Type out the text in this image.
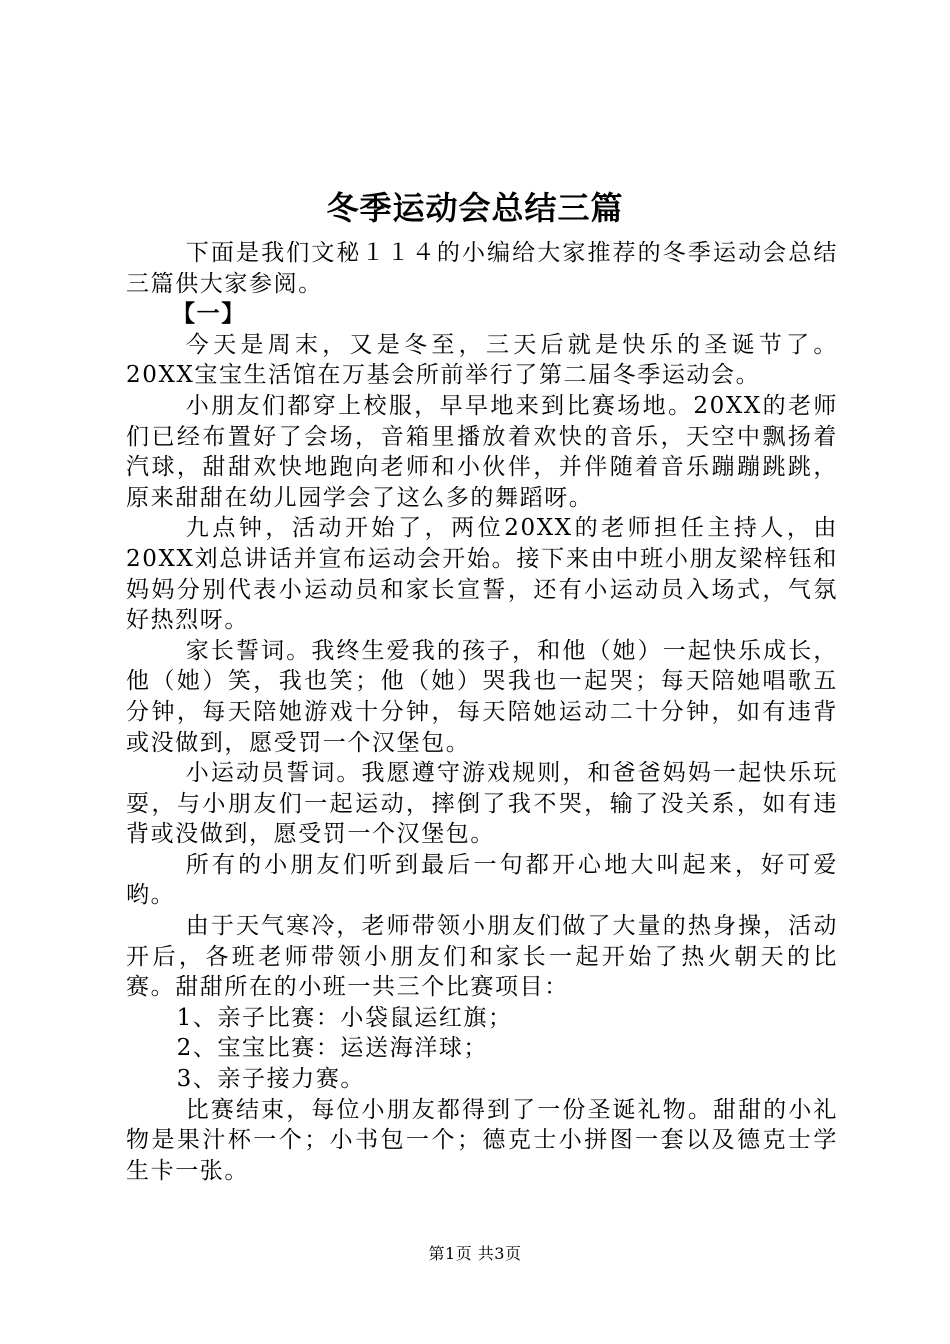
冬季运动会总结三篇

下面是我们文秘１１４的小编给大家推荐的冬季运动会总结三篇供大家参阅。

【一】

今天是周末，又是冬至，三天后就是快乐的圣诞节了。20XX宝宝生活馆在万基会所前举行了第二届冬季运动会。

小朋友们都穿上校服，早早地来到比赛场地。20XX的老师们已经布置好了会场，音箱里播放着欢快的音乐，天空中飘扬着汽球，甜甜欢快地跑向老师和小伙伴，并伴随着音乐蹦蹦跳跳，原来甜甜在幼儿园学会了这么多的舞蹈呀。

九点钟，活动开始了，两位20XX的老师担任主持人，由20XX刘总讲话并宣布运动会开始。接下来由中班小朋友梁梓钰和妈妈分别代表小运动员和家长宣誓，还有小运动员入场式，气氛好热烈呀。

家长誓词。我终生爱我的孩子，和他（她）一起快乐成长，他（她）笑，我也笑；他（她）哭我也一起哭；每天陪她唱歌五分钟，每天陪她游戏十分钟，每天陪她运动二十分钟，如有违背或没做到，愿受罚一个汉堡包。

小运动员誓词。我愿遵守游戏规则，和爸爸妈妈一起快乐玩耍，与小朋友们一起运动，摔倒了我不哭，输了没关系，如有违背或没做到，愿受罚一个汉堡包。

所有的小朋友们听到最后一句都开心地大叫起来，好可爱哟。

由于天气寒冷，老师带领小朋友们做了大量的热身操，活动开后，各班老师带领小朋友们和家长一起开始了热火朝天的比赛。甜甜所在的小班一共三个比赛项目：

1、亲子比赛：小袋鼠运红旗；

2、宝宝比赛：运送海洋球；

3、亲子接力赛。

比赛结束，每位小朋友都得到了一份圣诞礼物。甜甜的小礼物是果汁杯一个；小书包一个；德克士小拼图一套以及德克士学生卡一张。

第1页 共3页
